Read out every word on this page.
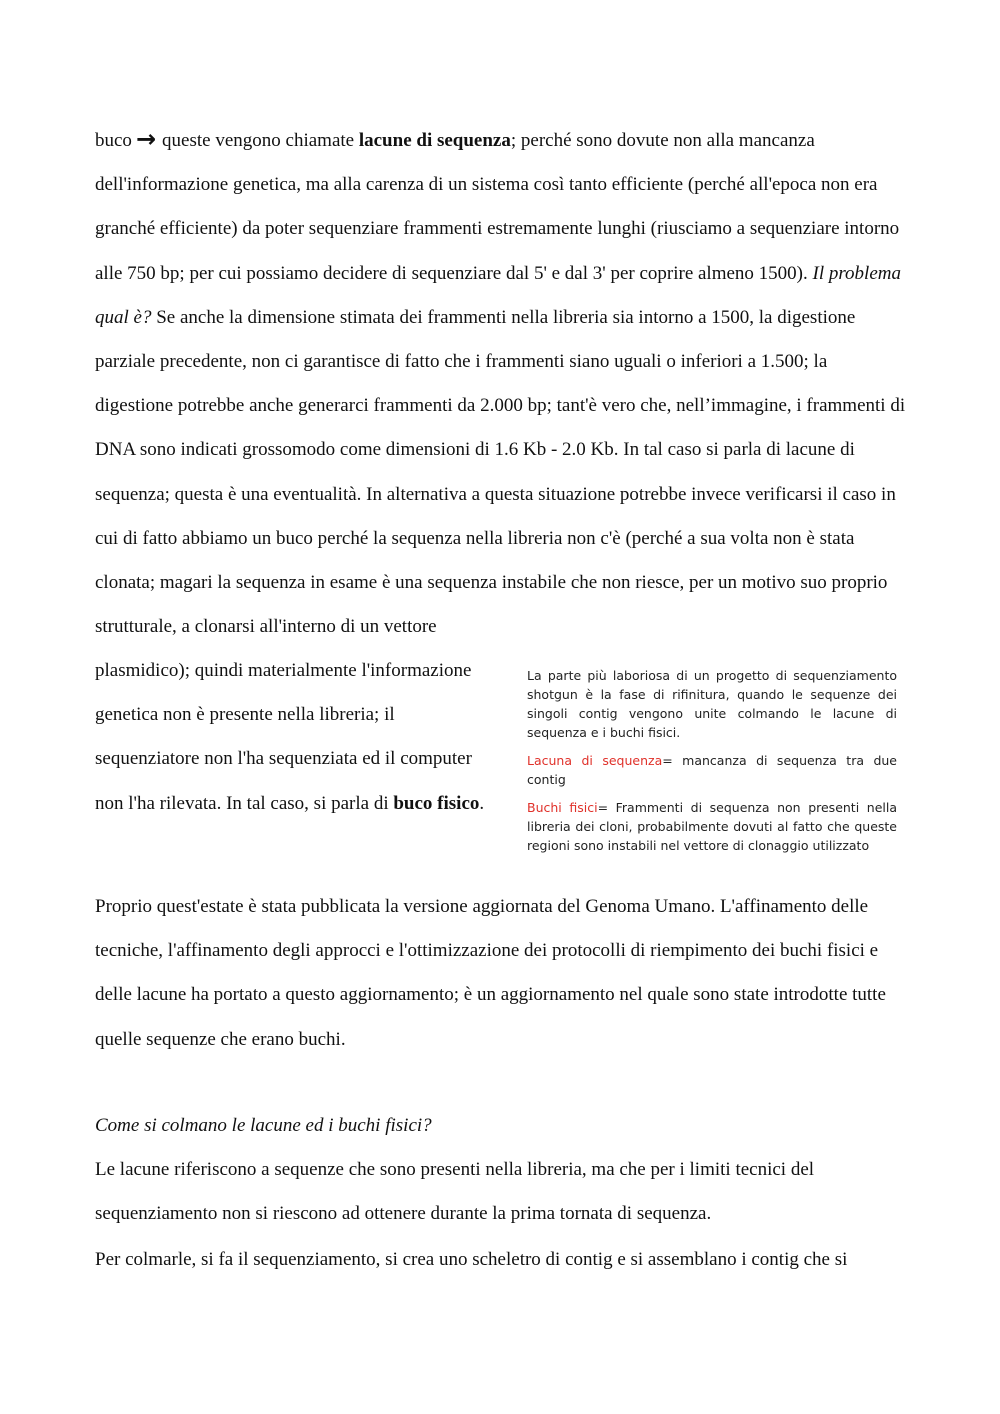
buco → queste vengono chiamate lacune di sequenza; perché sono dovute non alla mancanza dell'informazione genetica, ma alla carenza di un sistema così tanto efficiente (perché all'epoca non era granché efficiente) da poter sequenziare frammenti estremamente lunghi (riusciamo a sequenziare intorno alle 750 bp; per cui possiamo decidere di sequenziare dal 5' e dal 3' per coprire almeno 1500). Il problema qual è? Se anche la dimensione stimata dei frammenti nella libreria sia intorno a 1500, la digestione parziale precedente, non ci garantisce di fatto che i frammenti siano uguali o inferiori a 1.500; la digestione potrebbe anche generarci frammenti da 2.000 bp; tant'è vero che, nell’immagine, i frammenti di DNA sono indicati grossomodo come dimensioni di 1.6 Kb - 2.0 Kb. In tal caso si parla di lacune di sequenza; questa è una eventualità. In alternativa a questa situazione potrebbe invece verificarsi il caso in cui di fatto abbiamo un buco perché la sequenza nella libreria non c'è (perché a sua volta non è stata clonata; magari la sequenza in esame è una sequenza instabile che non riesce, per un motivo suo proprio strutturale, a clonarsi all'interno di un vettore

plasmidico); quindi materialmente l'informazione genetica non è presente nella libreria; il sequenziatore non l'ha sequenziata ed il computer non l'ha rilevata. In tal caso, si parla di buco fisico.

La parte più laboriosa di un progetto di sequenziamento shotgun è la fase di rifinitura, quando le sequenze dei singoli contig vengono unite colmando le lacune di sequenza e i buchi fisici.

Lacuna di sequenza= mancanza di sequenza tra due contig

Buchi fisici= Frammenti di sequenza non presenti nella libreria dei cloni, probabilmente dovuti al fatto che queste regioni sono instabili nel vettore di clonaggio utilizzato

Proprio quest'estate è stata pubblicata la versione aggiornata del Genoma Umano. L'affinamento delle tecniche, l'affinamento degli approcci e l'ottimizzazione dei protocolli di riempimento dei buchi fisici e delle lacune ha portato a questo aggiornamento; è un aggiornamento nel quale sono state introdotte tutte quelle sequenze che erano buchi.

Come si colmano le lacune ed i buchi fisici?

Le lacune riferiscono a sequenze che sono presenti nella libreria, ma che per i limiti tecnici del sequenziamento non si riescono ad ottenere durante la prima tornata di sequenza.

Per colmarle, si fa il sequenziamento, si crea uno scheletro di contig e si assemblano i contig che si
